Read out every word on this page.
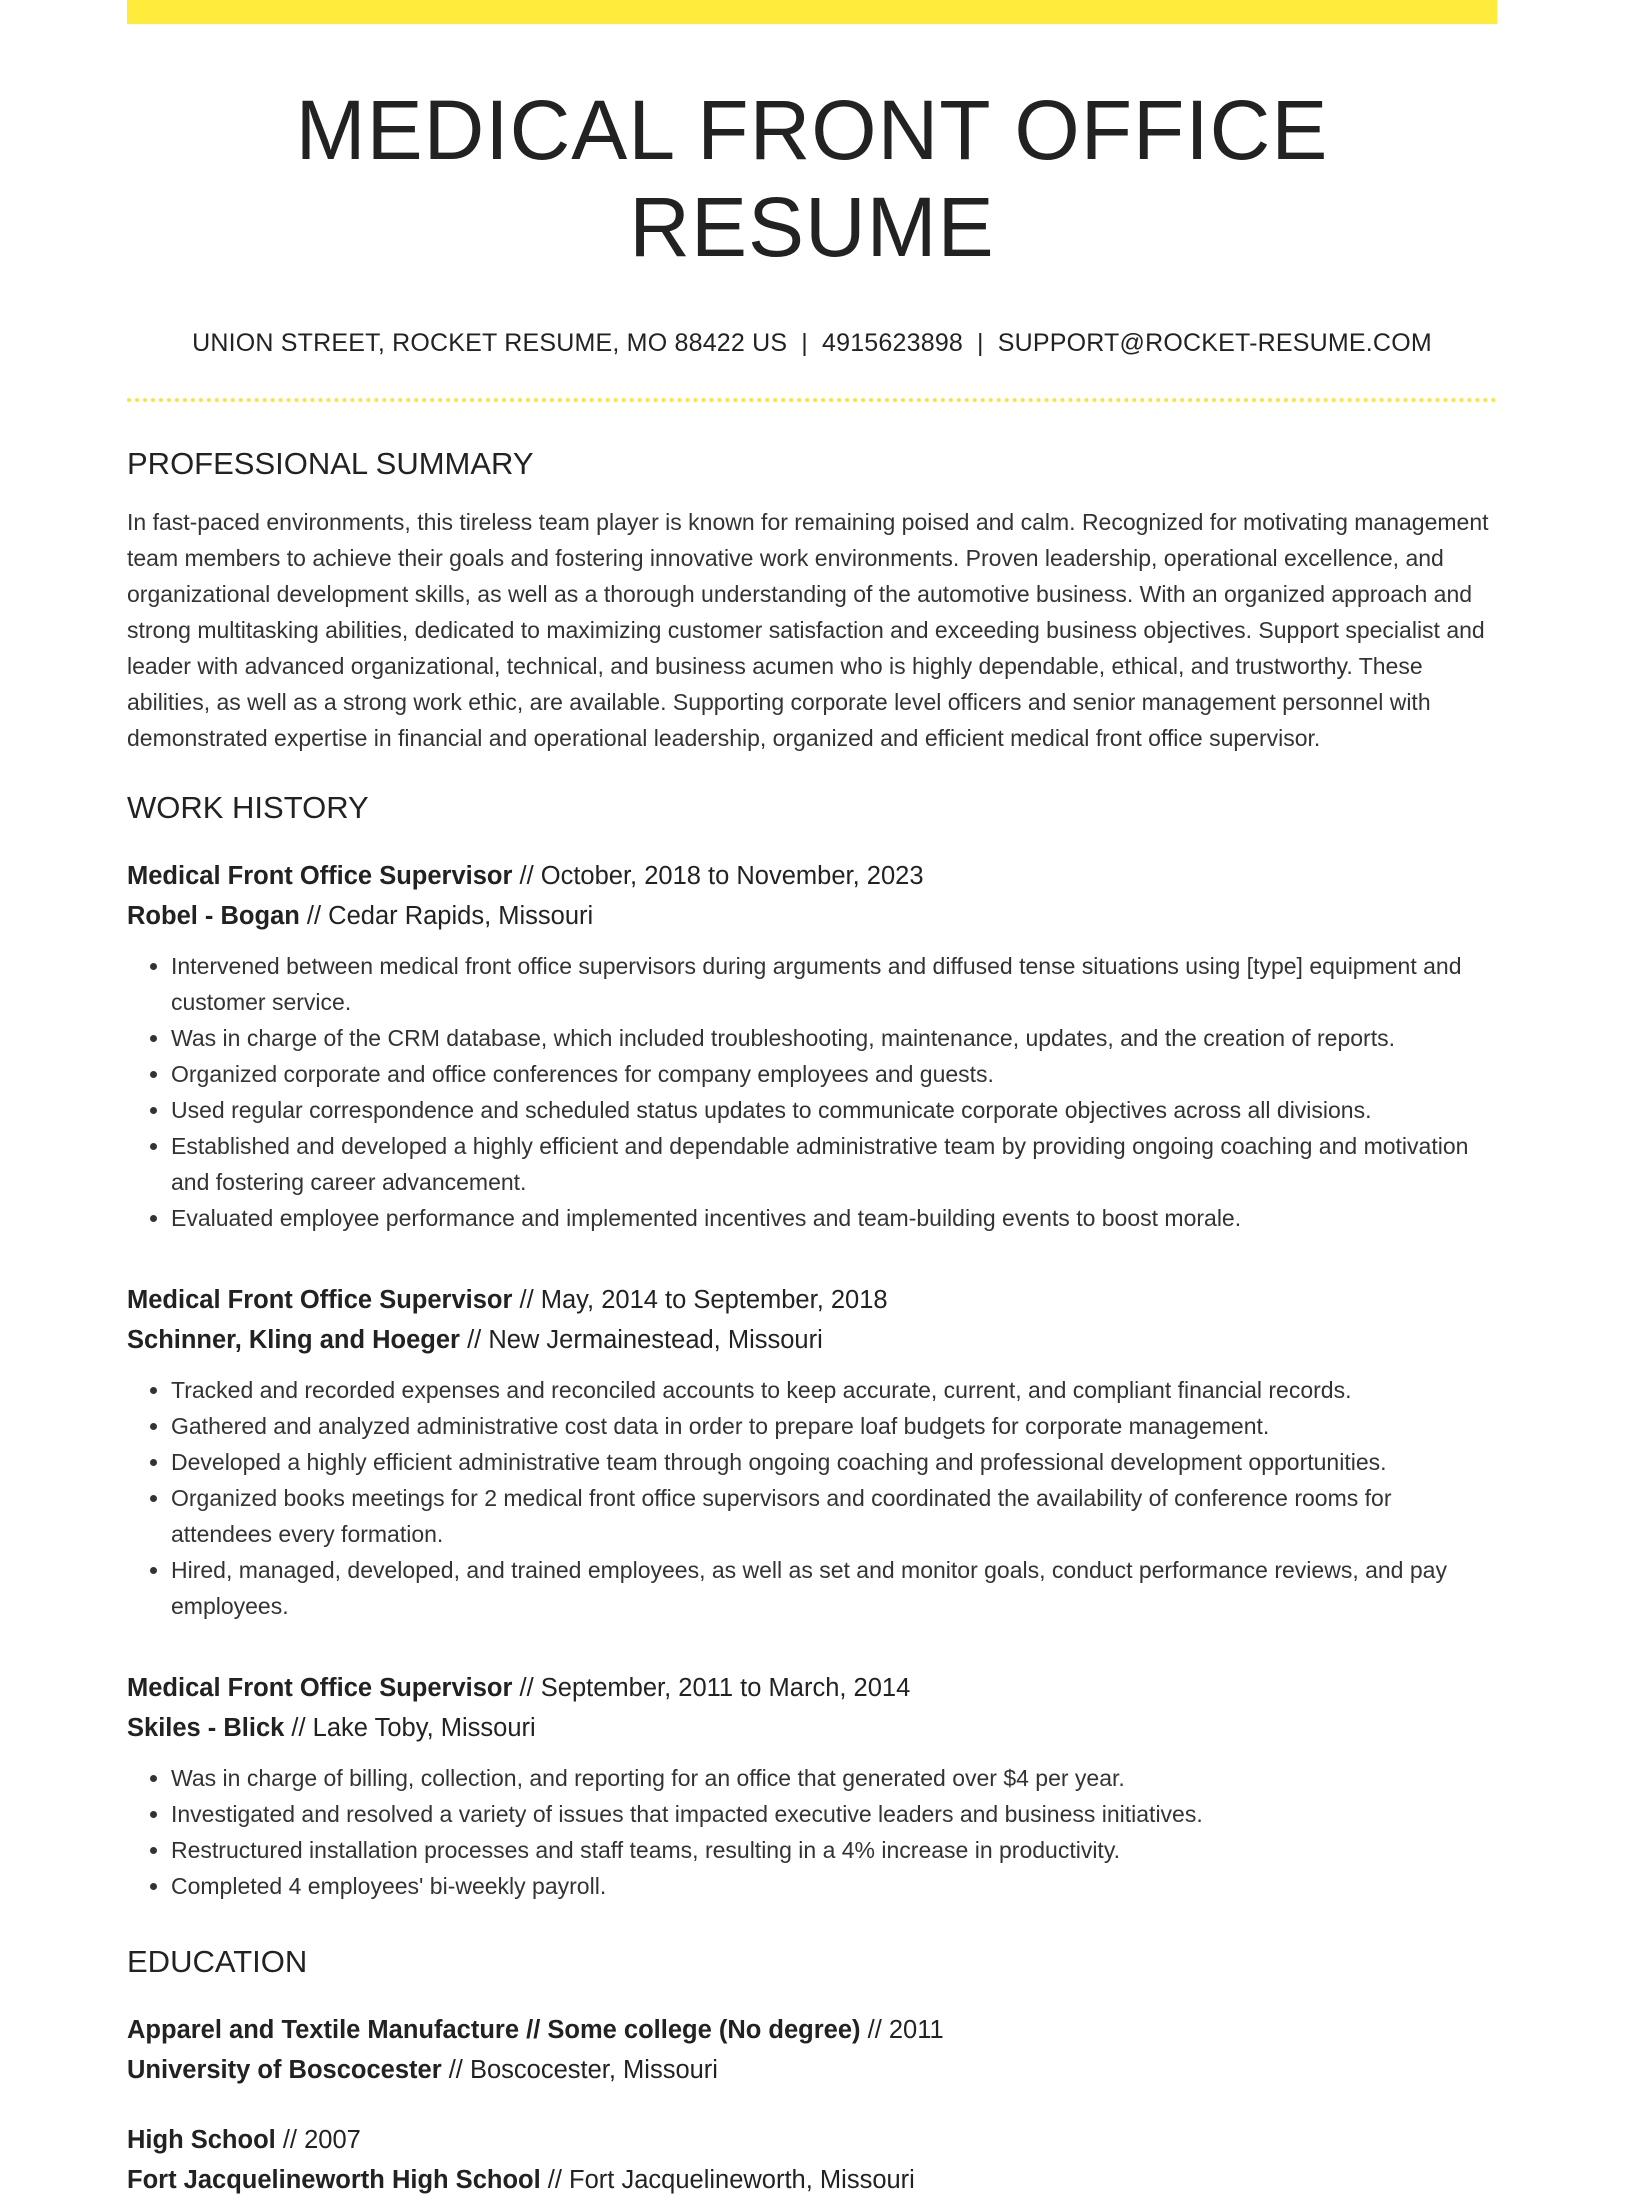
MEDICAL FRONT OFFICE RESUME
UNION STREET, ROCKET RESUME, MO 88422 US | 4915623898 | SUPPORT@ROCKET-RESUME.COM
PROFESSIONAL SUMMARY

In fast-paced environments, this tireless team player is known for remaining poised and calm. Recognized for motivating management team members to achieve their goals and fostering innovative work environments. Proven leadership, operational excellence, and organizational development skills, as well as a thorough understanding of the automotive business. With an organized approach and strong multitasking abilities, dedicated to maximizing customer satisfaction and exceeding business objectives. Support specialist and leader with advanced organizational, technical, and business acumen who is highly dependable, ethical, and trustworthy. These abilities, as well as a strong work ethic, are available. Supporting corporate level officers and senior management personnel with demonstrated expertise in financial and operational leadership, organized and efficient medical front office supervisor.

WORK HISTORY
Medical Front Office Supervisor // October, 2018 to November, 2023
Robel - Bogan // Cedar Rapids, Missouri
• Intervened between medical front office supervisors during arguments and diffused tense situations using [type] equipment and customer service.
• Was in charge of the CRM database, which included troubleshooting, maintenance, updates, and the creation of reports.
• Organized corporate and office conferences for company employees and guests.
• Used regular correspondence and scheduled status updates to communicate corporate objectives across all divisions.
• Established and developed a highly efficient and dependable administrative team by providing ongoing coaching and motivation and fostering career advancement.
• Evaluated employee performance and implemented incentives and team-building events to boost morale.
Medical Front Office Supervisor // May, 2014 to September, 2018
Schinner, Kling and Hoeger // New Jermainestead, Missouri
• Tracked and recorded expenses and reconciled accounts to keep accurate, current, and compliant financial records.
• Gathered and analyzed administrative cost data in order to prepare loaf budgets for corporate management.
• Developed a highly efficient administrative team through ongoing coaching and professional development opportunities.
• Organized books meetings for 2 medical front office supervisors and coordinated the availability of conference rooms for attendees every formation.
• Hired, managed, developed, and trained employees, as well as set and monitor goals, conduct performance reviews, and pay employees.
Medical Front Office Supervisor // September, 2011 to March, 2014
Skiles - Blick // Lake Toby, Missouri
• Was in charge of billing, collection, and reporting for an office that generated over $4 per year.
• Investigated and resolved a variety of issues that impacted executive leaders and business initiatives.
• Restructured installation processes and staff teams, resulting in a 4% increase in productivity.
• Completed 4 employees' bi-weekly payroll.
EDUCATION
Apparel and Textile Manufacture // Some college (No degree) // 2011
University of Boscocester // Boscocester, Missouri
High School // 2007
Fort Jacquelineworth High School // Fort Jacquelineworth, Missouri
